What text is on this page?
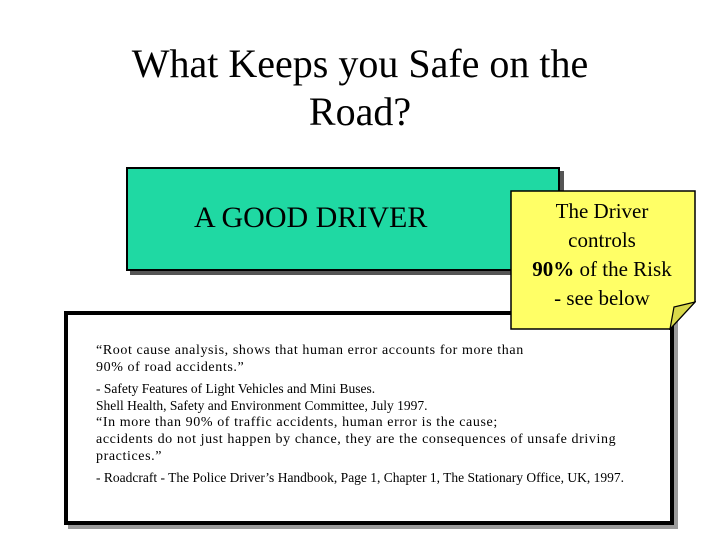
What Keeps you Safe on the
Road?
A GOOD DRIVER
“Root cause analysis, shows that human error accounts for more than
90% of road accidents.”
- Safety Features of Light Vehicles and Mini Buses.
Shell Health, Safety and Environment Committee, July 1997.
“In more than 90% of traffic accidents, human error is the cause;
accidents do not just happen by chance, they are the consequences of unsafe driving
practices.”
- Roadcraft - The Police Driver’s Handbook, Page 1, Chapter 1, The Stationary Office, UK, 1997.
The Driver
controls
90% of the Risk
- see below
